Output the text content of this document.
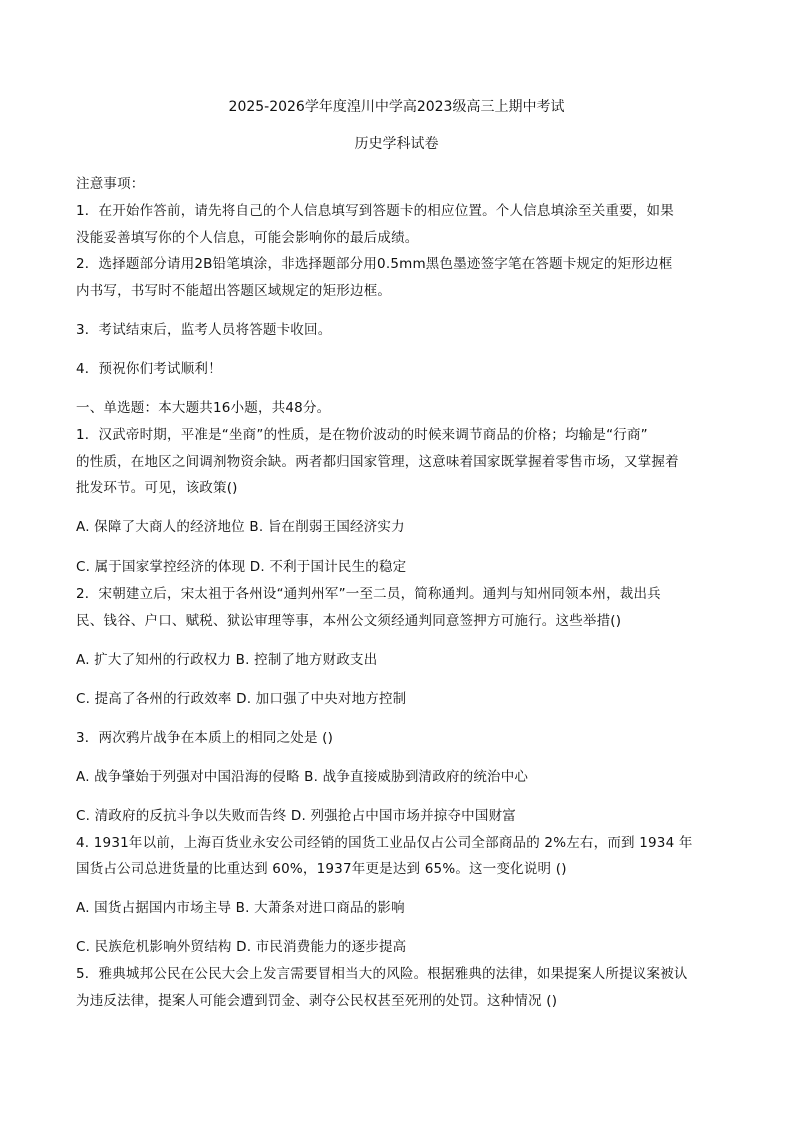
2025-2026学年度湟川中学高2023级高三上期中考试
历史学科试卷
注意事项：
1．在开始作答前，请先将自己的个人信息填写到答题卡的相应位置。个人信息填涂至关重要，如果
没能妥善填写你的个人信息，可能会影响你的最后成绩。
2．选择题部分请用2B铅笔填涂，非选择题部分用0.5mm黑色墨迹签字笔在答题卡规定的矩形边框
内书写，书写时不能超出答题区域规定的矩形边框。
3．考试结束后，监考人员将答题卡收回。
4．预祝你们考试顺利！
一、单选题：本大题共16小题，共48分。
1．汉武帝时期，平准是“坐商”的性质，是在物价波动的时候来调节商品的价格；均输是“行商”
的性质，在地区之间调剂物资余缺。两者都归国家管理，这意味着国家既掌握着零售市场，又掌握着
批发环节。可见，该政策()
A. 保障了大商人的经济地位 B. 旨在削弱王国经济实力
C. 属于国家掌控经济的体现 D. 不利于国计民生的稳定
2．宋朝建立后，宋太祖于各州设“通判州军”一至二员，简称通判。通判与知州同领本州，裁出兵
民、钱谷、户口、赋税、狱讼审理等事，本州公文须经通判同意签押方可施行。这些举措()
A. 扩大了知州的行政权力 B. 控制了地方财政支出
C. 提高了各州的行政效率 D. 加口强了中央对地方控制
3．两次鸦片战争在本质上的相同之处是 ()
A. 战争肇始于列强对中国沿海的侵略 B. 战争直接威胁到清政府的统治中心
C. 清政府的反抗斗争以失败而告终 D. 列强抢占中国市场并掠夺中国财富
4. 1931年以前，上海百货业永安公司经销的国货工业品仅占公司全部商品的 2%左右，而到 1934 年
国货占公司总进货量的比重达到 60%，1937年更是达到 65%。这一变化说明 ()
A. 国货占据国内市场主导 B. 大萧条对进口商品的影响
C. 民族危机影响外贸结构 D. 市民消费能力的逐步提高
5．雅典城邦公民在公民大会上发言需要冒相当大的风险。根据雅典的法律，如果提案人所提议案被认
为违反法律，提案人可能会遭到罚金、剥夺公民权甚至死刑的处罚。这种情况 ()
